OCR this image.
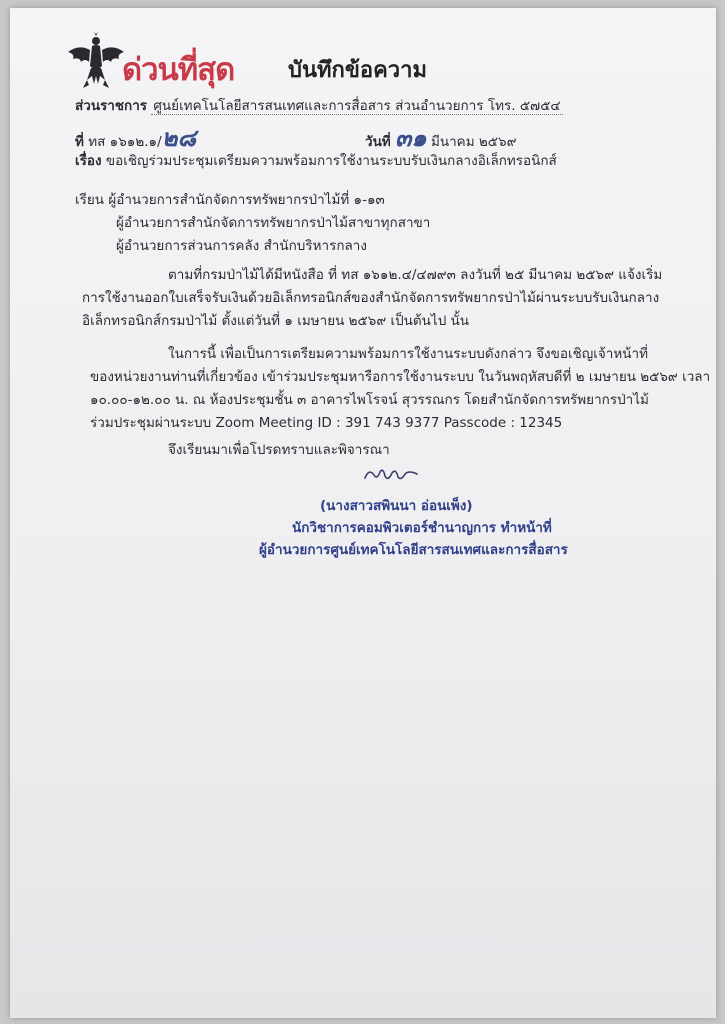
ด่วนที่สุด บันทึกข้อความ
ส่วนราชการ ศูนย์เทคโนโลยีสารสนเทศและการสื่อสาร ส่วนอำนวยการ โทร. ๕๗๕๔
ที่ ทส ๑๖๑๒.๑/๒๘	วันที่ ๓๑ มีนาคม ๒๕๖๙
เรื่อง ขอเชิญร่วมประชุมเตรียมความพร้อมการใช้งานระบบรับเงินกลางอิเล็กทรอนิกส์
เรียน ผู้อำนวยการสำนักจัดการทรัพยากรป่าไม้ที่ ๑-๑๓
ผู้อำนวยการสำนักจัดการทรัพยากรป่าไม้สาขาทุกสาขา
ผู้อำนวยการส่วนการคลัง สำนักบริหารกลาง
ตามที่กรมป่าไม้ได้มีหนังสือ ที่ ทส ๑๖๑๒.๔/๔๗๙๓ ลงวันที่ ๒๕ มีนาคม ๒๕๖๙ แจ้งเริ่ม
การใช้งานออกใบเสร็จรับเงินด้วยอิเล็กทรอนิกส์ของสำนักจัดการทรัพยากรป่าไม้ผ่านระบบรับเงินกลาง
อิเล็กทรอนิกส์กรมป่าไม้ ตั้งแต่วันที่ ๑ เมษายน ๒๕๖๙ เป็นต้นไป นั้น
ในการนี้ เพื่อเป็นการเตรียมความพร้อมการใช้งานระบบดังกล่าว จึงขอเชิญเจ้าหน้าที่
ของหน่วยงานท่านที่เกี่ยวข้อง เข้าร่วมประชุมหารือการใช้งานระบบ ในวันพฤหัสบดีที่ ๒ เมษายน ๒๕๖๙ เวลา
๑๐.๐๐-๑๒.๐๐ น. ณ ห้องประชุมชั้น ๓ อาคารไพโรจน์ สุวรรณกร โดยสำนักจัดการทรัพยากรป่าไม้
ร่วมประชุมผ่านระบบ Zoom Meeting ID : 391 743 9377 Passcode : 12345
จึงเรียนมาเพื่อโปรดทราบและพิจารณา
(นางสาวสพินนา อ่อนเพ็ง)
นักวิชาการคอมพิวเตอร์ชำนาญการ ทำหน้าที่
ผู้อำนวยการศูนย์เทคโนโลยีสารสนเทศและการสื่อสาร
